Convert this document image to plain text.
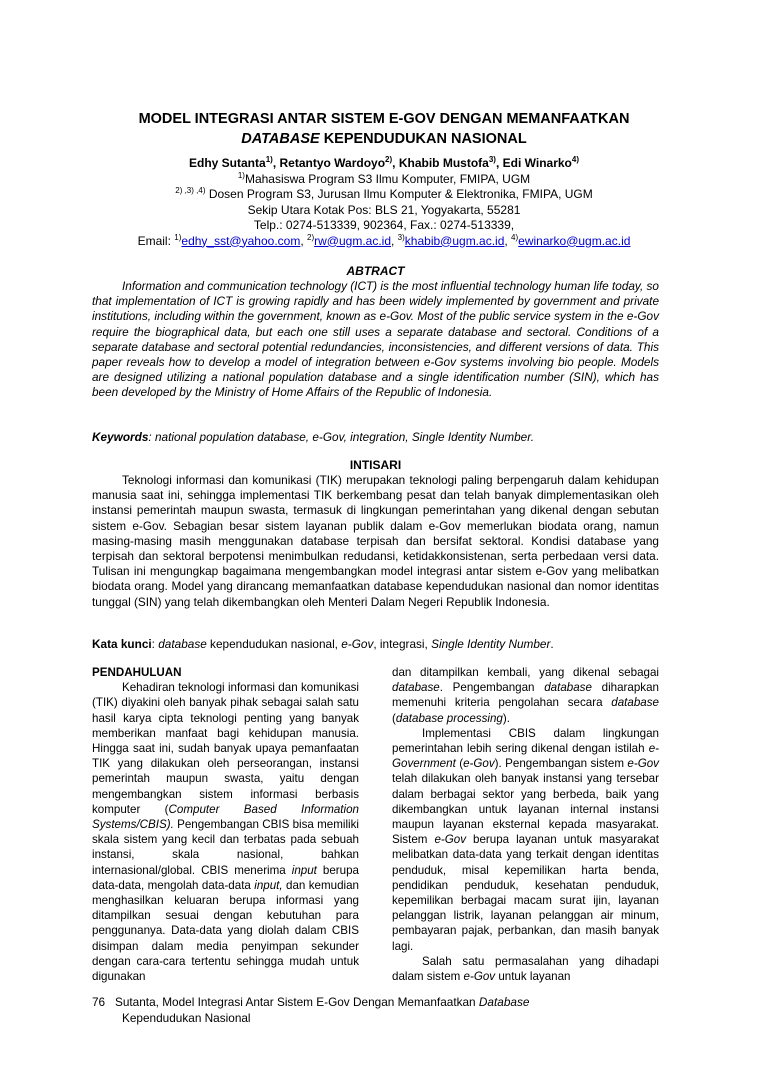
MODEL INTEGRASI ANTAR SISTEM E-GOV DENGAN MEMANFAATKAN
DATABASE KEPENDUDUKAN NASIONAL
Edhy Sutanta$^{1)}$, Retantyo Wardoyo$^{2)}$, Khabib Mustofa$^{3)}$, Edi Winarko$^{4)}$
$^{1)}$Mahasiswa Program S3 Ilmu Komputer, FMIPA, UGM
$^{2) ,3) ,4)}$ Dosen Program S3, Jurusan Ilmu Komputer & Elektronika, FMIPA, UGM
Sekip Utara Kotak Pos: BLS 21, Yogyakarta, 55281
Telp.: 0274-513339, 902364, Fax.: 0274-513339,
Email: $^{1)}$edhy_sst@yahoo.com, $^{2)}$rw@ugm.ac.id, $^{3)}$khabib@ugm.ac.id, $^{4)}$ewinarko@ugm.ac.id
ABTRACT
Information and communication technology (ICT) is the most influential technology human life today, so that implementation of ICT is growing rapidly and has been widely implemented by government and private institutions, including within the government, known as e-Gov. Most of the public service system in the e-Gov require the biographical data, but each one still uses a separate database and sectoral. Conditions of a separate database and sectoral potential redundancies, inconsistencies, and different versions of data. This paper reveals how to develop a model of integration between e-Gov systems involving bio people. Models are designed utilizing a national population database and a single identification number (SIN), which has been developed by the Ministry of Home Affairs of the Republic of Indonesia.
Keywords: national population database, e-Gov, integration, Single Identity Number.
INTISARI
Teknologi informasi dan komunikasi (TIK) merupakan teknologi paling berpengaruh dalam kehidupan manusia saat ini, sehingga implementasi TIK berkembang pesat dan telah banyak dimplementasikan oleh instansi pemerintah maupun swasta, termasuk di lingkungan pemerintahan yang dikenal dengan sebutan sistem e-Gov. Sebagian besar sistem layanan publik dalam e-Gov memerlukan biodata orang, namun masing-masing masih menggunakan database terpisah dan bersifat sektoral. Kondisi database yang terpisah dan sektoral berpotensi menimbulkan redudansi, ketidakkonsistenan, serta perbedaan versi data. Tulisan ini mengungkap bagaimana mengembangkan model integrasi antar sistem e-Gov yang melibatkan biodata orang. Model yang dirancang memanfaatkan database kependudukan nasional dan nomor identitas tunggal (SIN) yang telah dikembangkan oleh Menteri Dalam Negeri Republik Indonesia.
Kata kunci: database kependudukan nasional, e-Gov, integrasi, Single Identity Number.

PENDAHULUAN

Kehadiran teknologi informasi dan komunikasi (TIK) diyakini oleh banyak pihak sebagai salah satu hasil karya cipta teknologi penting yang banyak memberikan manfaat bagi kehidupan manusia. Hingga saat ini, sudah banyak upaya pemanfaatan TIK yang dilakukan oleh perseorangan, instansi pemerintah maupun swasta, yaitu dengan mengembangkan sistem informasi berbasis komputer (Computer Based Information Systems/CBIS). Pengembangan CBIS bisa memiliki skala sistem yang kecil dan terbatas pada sebuah instansi, skala nasional, bahkan internasional/global. CBIS menerima input berupa data-data, mengolah data-data input, dan kemudian menghasilkan keluaran berupa informasi yang ditampilkan sesuai dengan kebutuhan para penggunanya. Data-data yang diolah dalam CBIS disimpan dalam media penyimpan sekunder dengan cara-cara tertentu sehingga mudah untuk digunakan

dan ditampilkan kembali, yang dikenal sebagai database. Pengembangan database diharapkan memenuhi kriteria pengolahan secara database (database processing).

Implementasi CBIS dalam lingkungan pemerintahan lebih sering dikenal dengan istilah e-Government (e-Gov). Pengembangan sistem e-Gov telah dilakukan oleh banyak instansi yang tersebar dalam berbagai sektor yang berbeda, baik yang dikembangkan untuk layanan internal instansi maupun layanan eksternal kepada masyarakat. Sistem e-Gov berupa layanan untuk masyarakat melibatkan data-data yang terkait dengan identitas penduduk, misal kepemilikan harta benda, pendidikan penduduk, kesehatan penduduk, kepemilikan berbagai macam surat ijin, layanan pelanggan listrik, layanan pelanggan air minum, pembayaran pajak, perbankan, dan masih banyak lagi.

Salah satu permasalahan yang dihadapi dalam sistem e-Gov untuk layanan

76 Sutanta, Model Integrasi Antar Sistem E-Gov Dengan Memanfaatkan Database
Kependudukan Nasional
